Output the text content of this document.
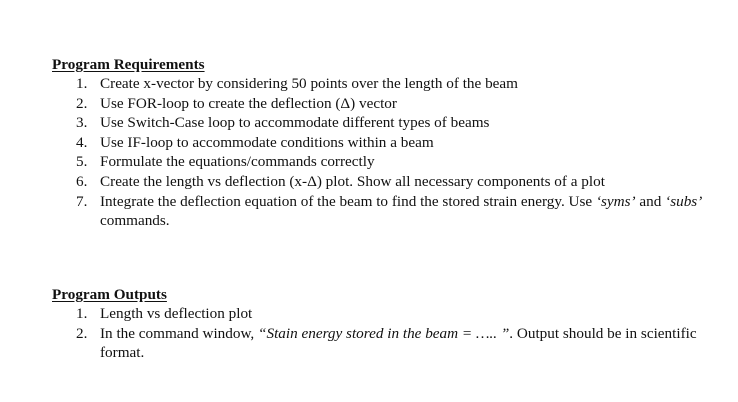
Program Requirements
1. Create x-vector by considering 50 points over the length of the beam
2. Use FOR-loop to create the deflection (Δ) vector
3. Use Switch-Case loop to accommodate different types of beams
4. Use IF-loop to accommodate conditions within a beam
5. Formulate the equations/commands correctly
6. Create the length vs deflection (x-Δ) plot. Show all necessary components of a plot
7. Integrate the deflection equation of the beam to find the stored strain energy. Use ‘syms’ and ‘subs’ commands.
Program Outputs
1. Length vs deflection plot
2. In the command window, “Stain energy stored in the beam = ….. ”. Output should be in scientific format.
